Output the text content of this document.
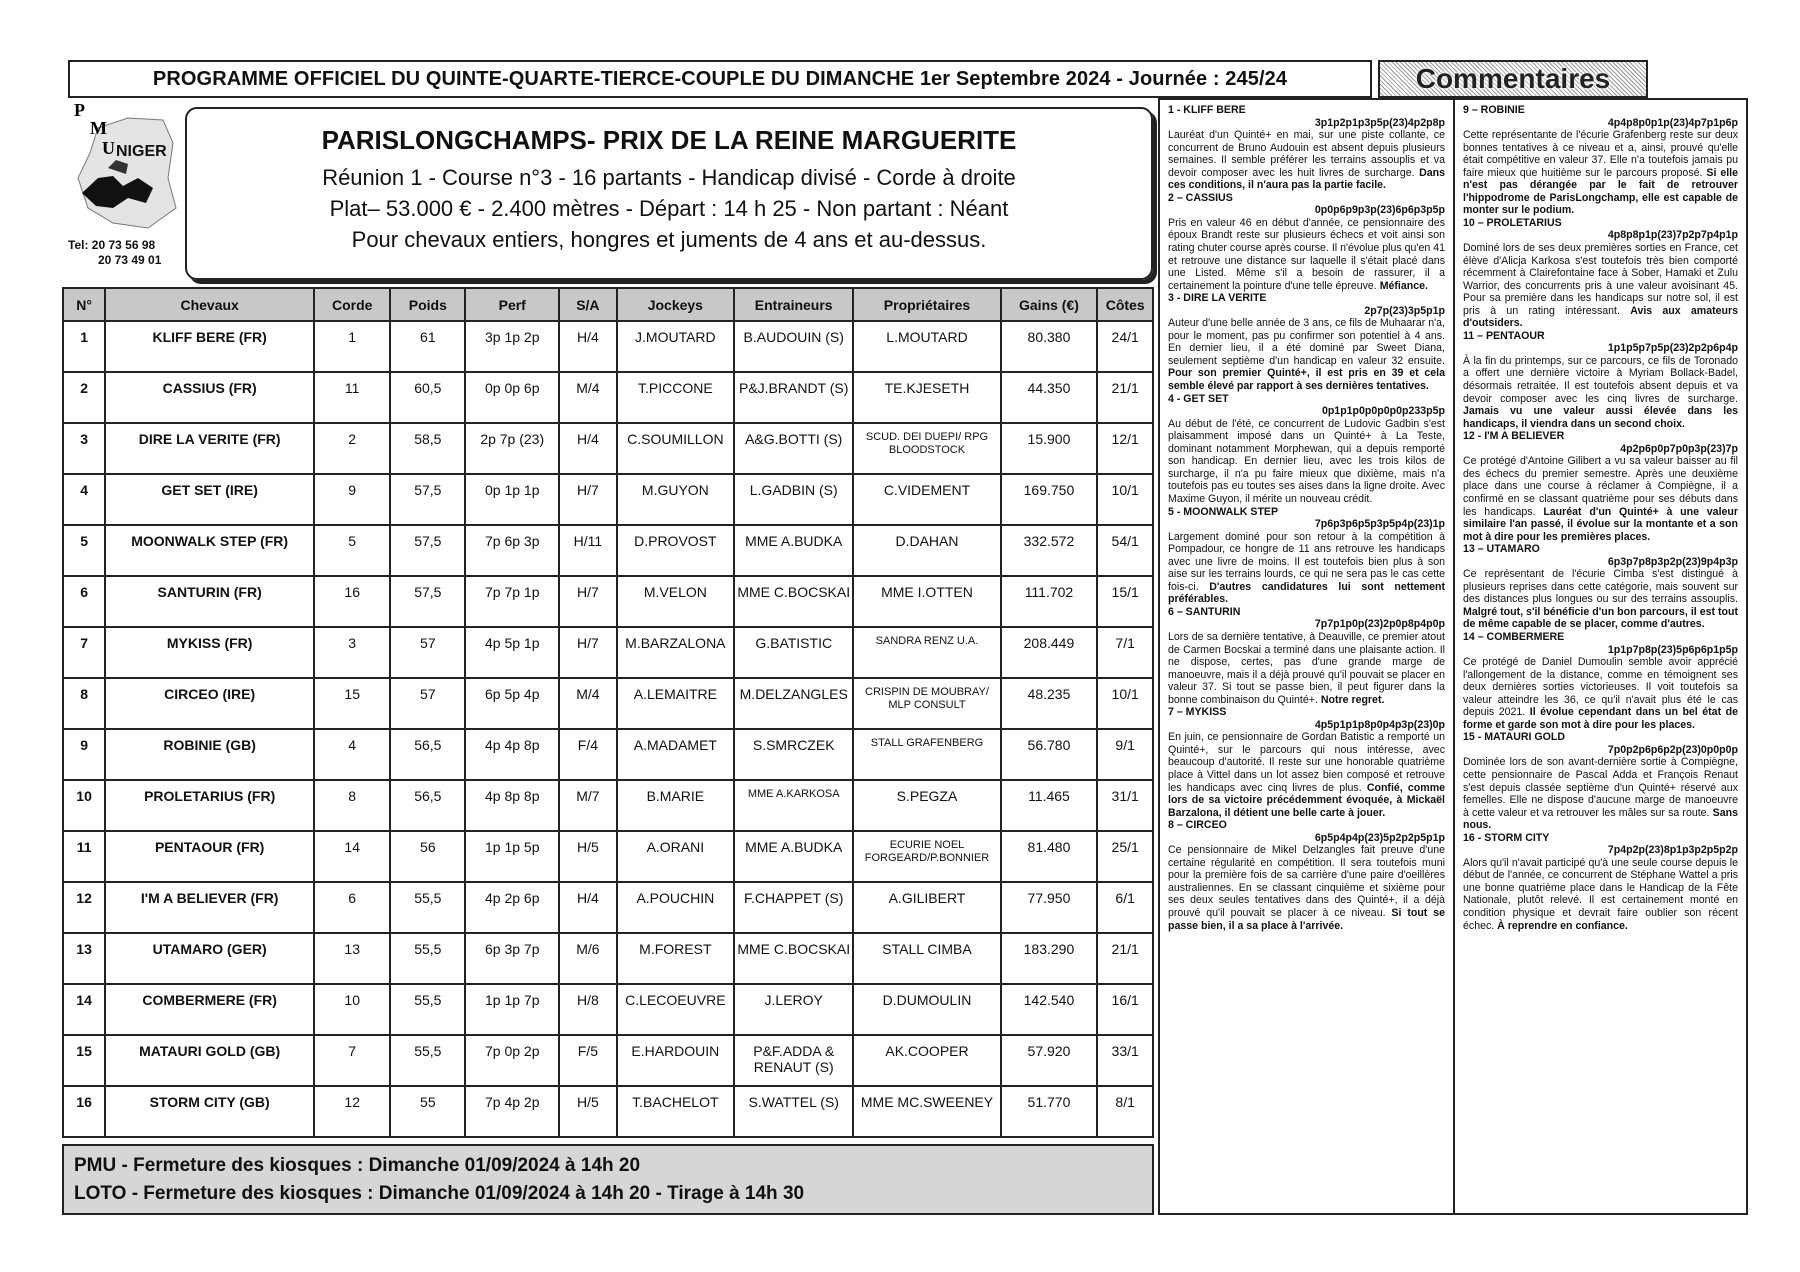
PROGRAMME OFFICIEL DU QUINTE-QUARTE-TIERCE-COUPLE DU DIMANCHE 1er Septembre 2024 - Journée : 245/24	Commentaires
P
M
U NIGER
Tel: 20 73 56 98
20 73 49 01
PARISLONGCHAMPS- PRIX DE LA REINE MARGUERITE
Réunion 1 - Course n°3 - 16 partants - Handicap divisé - Corde à droite
Plat– 53.000 € - 2.400 mètres - Départ : 14 h 25 - Non partant : Néant
Pour chevaux entiers, hongres et juments de 4 ans et au-dessus.
N°	Chevaux	Corde	Poids	Perf	S/A	Jockeys	Entraineurs	Propriétaires	Gains (€)	Côtes
1	KLIFF BERE (FR)	1	61	3p 1p 2p	H/4	J.MOUTARD	B.AUDOUIN (S)	L.MOUTARD	80.380	24/1
2	CASSIUS (FR)	11	60,5	0p 0p 6p	M/4	T.PICCONE	P&J.BRANDT (S)	TE.KJESETH	44.350	21/1
3	DIRE LA VERITE (FR)	2	58,5	2p 7p (23)	H/4	C.SOUMILLON	A&G.BOTTI (S)	SCUD. DEI DUEPI/ RPG BLOODSTOCK	15.900	12/1
4	GET SET (IRE)	9	57,5	0p 1p 1p	H/7	M.GUYON	L.GADBIN (S)	C.VIDEMENT	169.750	10/1
5	MOONWALK STEP (FR)	5	57,5	7p 6p 3p	H/11	D.PROVOST	MME A.BUDKA	D.DAHAN	332.572	54/1
6	SANTURIN (FR)	16	57,5	7p 7p 1p	H/7	M.VELON	MME C.BOCSKAI	MME I.OTTEN	111.702	15/1
7	MYKISS (FR)	3	57	4p 5p 1p	H/7	M.BARZALONA	G.BATISTIC	SANDRA RENZ U.A.	208.449	7/1
8	CIRCEO (IRE)	15	57	6p 5p 4p	M/4	A.LEMAITRE	M.DELZANGLES	CRISPIN DE MOUBRAY/ MLP CONSULT	48.235	10/1
9	ROBINIE (GB)	4	56,5	4p 4p 8p	F/4	A.MADAMET	S.SMRCZEK	STALL GRAFENBERG	56.780	9/1
10	PROLETARIUS (FR)	8	56,5	4p 8p 8p	M/7	B.MARIE	MME A.KARKOSA	S.PEGZA	11.465	31/1
11	PENTAOUR (FR)	14	56	1p 1p 5p	H/5	A.ORANI	MME A.BUDKA	ECURIE NOEL FORGEARD/P.BONNIER	81.480	25/1
12	I'M A BELIEVER (FR)	6	55,5	4p 2p 6p	H/4	A.POUCHIN	F.CHAPPET (S)	A.GILIBERT	77.950	6/1
13	UTAMARO (GER)	13	55,5	6p 3p 7p	M/6	M.FOREST	MME C.BOCSKAI	STALL CIMBA	183.290	21/1
14	COMBERMERE (FR)	10	55,5	1p 1p 7p	H/8	C.LECOEUVRE	J.LEROY	D.DUMOULIN	142.540	16/1
15	MATAURI GOLD (GB)	7	55,5	7p 0p 2p	F/5	E.HARDOUIN	P&F.ADDA & RENAUT (S)	AK.COOPER	57.920	33/1
16	STORM CITY (GB)	12	55	7p 4p 2p	H/5	T.BACHELOT	S.WATTEL (S)	MME MC.SWEENEY	51.770	8/1
PMU - Fermeture des kiosques : Dimanche 01/09/2024 à 14h 20
LOTO - Fermeture des kiosques : Dimanche 01/09/2024 à 14h 20 - Tirage à 14h 30
1 - KLIFF BERE
3p1p2p1p3p5p(23)4p2p8p
Lauréat d'un Quinté+ en mai, sur une piste collante, ce concurrent de Bruno Audouin est absent depuis plusieurs semaines. Il semble préférer les terrains assouplis et va devoir composer avec les huit livres de surcharge. Dans ces conditions, il n'aura pas la partie facile.
2 – CASSIUS
0p0p6p9p3p(23)6p6p3p5p
Pris en valeur 46 en début d'année, ce pensionnaire des époux Brandt reste sur plusieurs échecs et voit ainsi son rating chuter course après course. Il n'évolue plus qu'en 41 et retrouve une distance sur laquelle il s'était placé dans une Listed. Même s'il a besoin de rassurer, il a certainement la pointure d'une telle épreuve. Méfiance.
3 - DIRE LA VERITE
2p7p(23)3p5p1p
Auteur d'une belle année de 3 ans, ce fils de Muhaarar n'a, pour le moment, pas pu confirmer son potentiel à 4 ans. En dernier lieu, il a été dominé par Sweet Diana, seulement septième d'un handicap en valeur 32 ensuite. Pour son premier Quinté+, il est pris en 39 et cela semble élevé par rapport à ses dernières tentatives.
4 - GET SET
0p1p1p0p0p0p0p233p5p
Au début de l'été, ce concurrent de Ludovic Gadbin s'est plaisamment imposé dans un Quinté+ à La Teste, dominant notamment Morphewan, qui a depuis remporté son handicap. En dernier lieu, avec les trois kilos de surcharge, il n'a pu faire mieux que dixième, mais n'a toutefois pas eu toutes ses aises dans la ligne droite. Avec Maxime Guyon, il mérite un nouveau crédit.
5 - MOONWALK STEP
7p6p3p6p5p3p5p4p(23)1p
Largement dominé pour son retour à la compétition à Pompadour, ce hongre de 11 ans retrouve les handicaps avec une livre de moins. Il est toutefois bien plus à son aise sur les terrains lourds, ce qui ne sera pas le cas cette fois-ci. D'autres candidatures lui sont nettement préférables.
6 – SANTURIN
7p7p1p0p(23)2p0p8p4p0p
Lors de sa dernière tentative, à Deauville, ce premier atout de Carmen Bocskai a terminé dans une plaisante action. Il ne dispose, certes, pas d'une grande marge de manoeuvre, mais il a déjà prouvé qu'il pouvait se placer en valeur 37. Si tout se passe bien, il peut figurer dans la bonne combinaison du Quinté+. Notre regret.
7 – MYKISS
4p5p1p1p8p0p4p3p(23)0p
En juin, ce pensionnaire de Gordan Batistic a remporté un Quinté+, sur le parcours qui nous intéresse, avec beaucoup d'autorité. Il reste sur une honorable quatrième place à Vittel dans un lot assez bien composé et retrouve les handicaps avec cinq livres de plus. Confié, comme lors de sa victoire précédemment évoquée, à Mickaël Barzalona, il détient une belle carte à jouer.
8 – CIRCEO
6p5p4p4p(23)5p2p2p5p1p
Ce pensionnaire de Mikel Delzangles fait preuve d'une certaine régularité en compétition. Il sera toutefois muni pour la première fois de sa carrière d'une paire d'oeillères australiennes. En se classant cinquième et sixième pour ses deux seules tentatives dans des Quinté+, il a déjà prouvé qu'il pouvait se placer à ce niveau. Si tout se passe bien, il a sa place à l'arrivée.
9 – ROBINIE
4p4p8p0p1p(23)4p7p1p6p
Cette représentante de l'écurie Grafenberg reste sur deux bonnes tentatives à ce niveau et a, ainsi, prouvé qu'elle était compétitive en valeur 37. Elle n'a toutefois jamais pu faire mieux que huitième sur le parcours proposé. Si elle n'est pas dérangée par le fait de retrouver l'hippodrome de ParisLongchamp, elle est capable de monter sur le podium.
10 – PROLETARIUS
4p8p8p1p(23)7p2p7p4p1p
Dominé lors de ses deux premières sorties en France, cet élève d'Alicja Karkosa s'est toutefois très bien comporté récemment à Clairefontaine face à Sober, Hamaki et Zulu Warrior, des concurrents pris à une valeur avoisinant 45. Pour sa première dans les handicaps sur notre sol, il est pris à un rating intéressant. Avis aux amateurs d'outsiders.
11 – PENTAOUR
1p1p5p7p5p(23)2p2p6p4p
À la fin du printemps, sur ce parcours, ce fils de Toronado a offert une dernière victoire à Myriam Bollack-Badel, désormais retraitée. Il est toutefois absent depuis et va devoir composer avec les cinq livres de surcharge. Jamais vu une valeur aussi élevée dans les handicaps, il viendra dans un second choix.
12 - I'M A BELIEVER
4p2p6p0p7p0p3p(23)7p
Ce protégé d'Antoine Gilibert a vu sa valeur baisser au fil des échecs du premier semestre. Après une deuxième place dans une course à réclamer à Compiègne, il a confirmé en se classant quatrième pour ses débuts dans les handicaps. Lauréat d'un Quinté+ à une valeur similaire l'an passé, il évolue sur la montante et a son mot à dire pour les premières places.
13 – UTAMARO
6p3p7p8p3p2p(23)9p4p3p
Ce représentant de l'écurie Cimba s'est distingué à plusieurs reprises dans cette catégorie, mais souvent sur des distances plus longues ou sur des terrains assouplis. Malgré tout, s'il bénéficie d'un bon parcours, il est tout de même capable de se placer, comme d'autres.
14 – COMBERMERE
1p1p7p8p(23)5p6p6p1p5p
Ce protégé de Daniel Dumoulin semble avoir apprécié l'allongement de la distance, comme en témoignent ses deux dernières sorties victorieuses. Il voit toutefois sa valeur atteindre les 36, ce qu'il n'avait plus été le cas depuis 2021. Il évolue cependant dans un bel état de forme et garde son mot à dire pour les places.
15 - MATAURI GOLD
7p0p2p6p6p2p(23)0p0p0p
Dominée lors de son avant-dernière sortie à Compiègne, cette pensionnaire de Pascal Adda et François Renaut s'est depuis classée septième d'un Quinté+ réservé aux femelles. Elle ne dispose d'aucune marge de manoeuvre à cette valeur et va retrouver les mâles sur sa route. Sans nous.
16 - STORM CITY
7p4p2p(23)8p1p3p2p5p2p
Alors qu'il n'avait participé qu'à une seule course depuis le début de l'année, ce concurrent de Stéphane Wattel a pris une bonne quatrième place dans le Handicap de la Fête Nationale, plutôt relevé. Il est certainement monté en condition physique et devrait faire oublier son récent échec. À reprendre en confiance.
